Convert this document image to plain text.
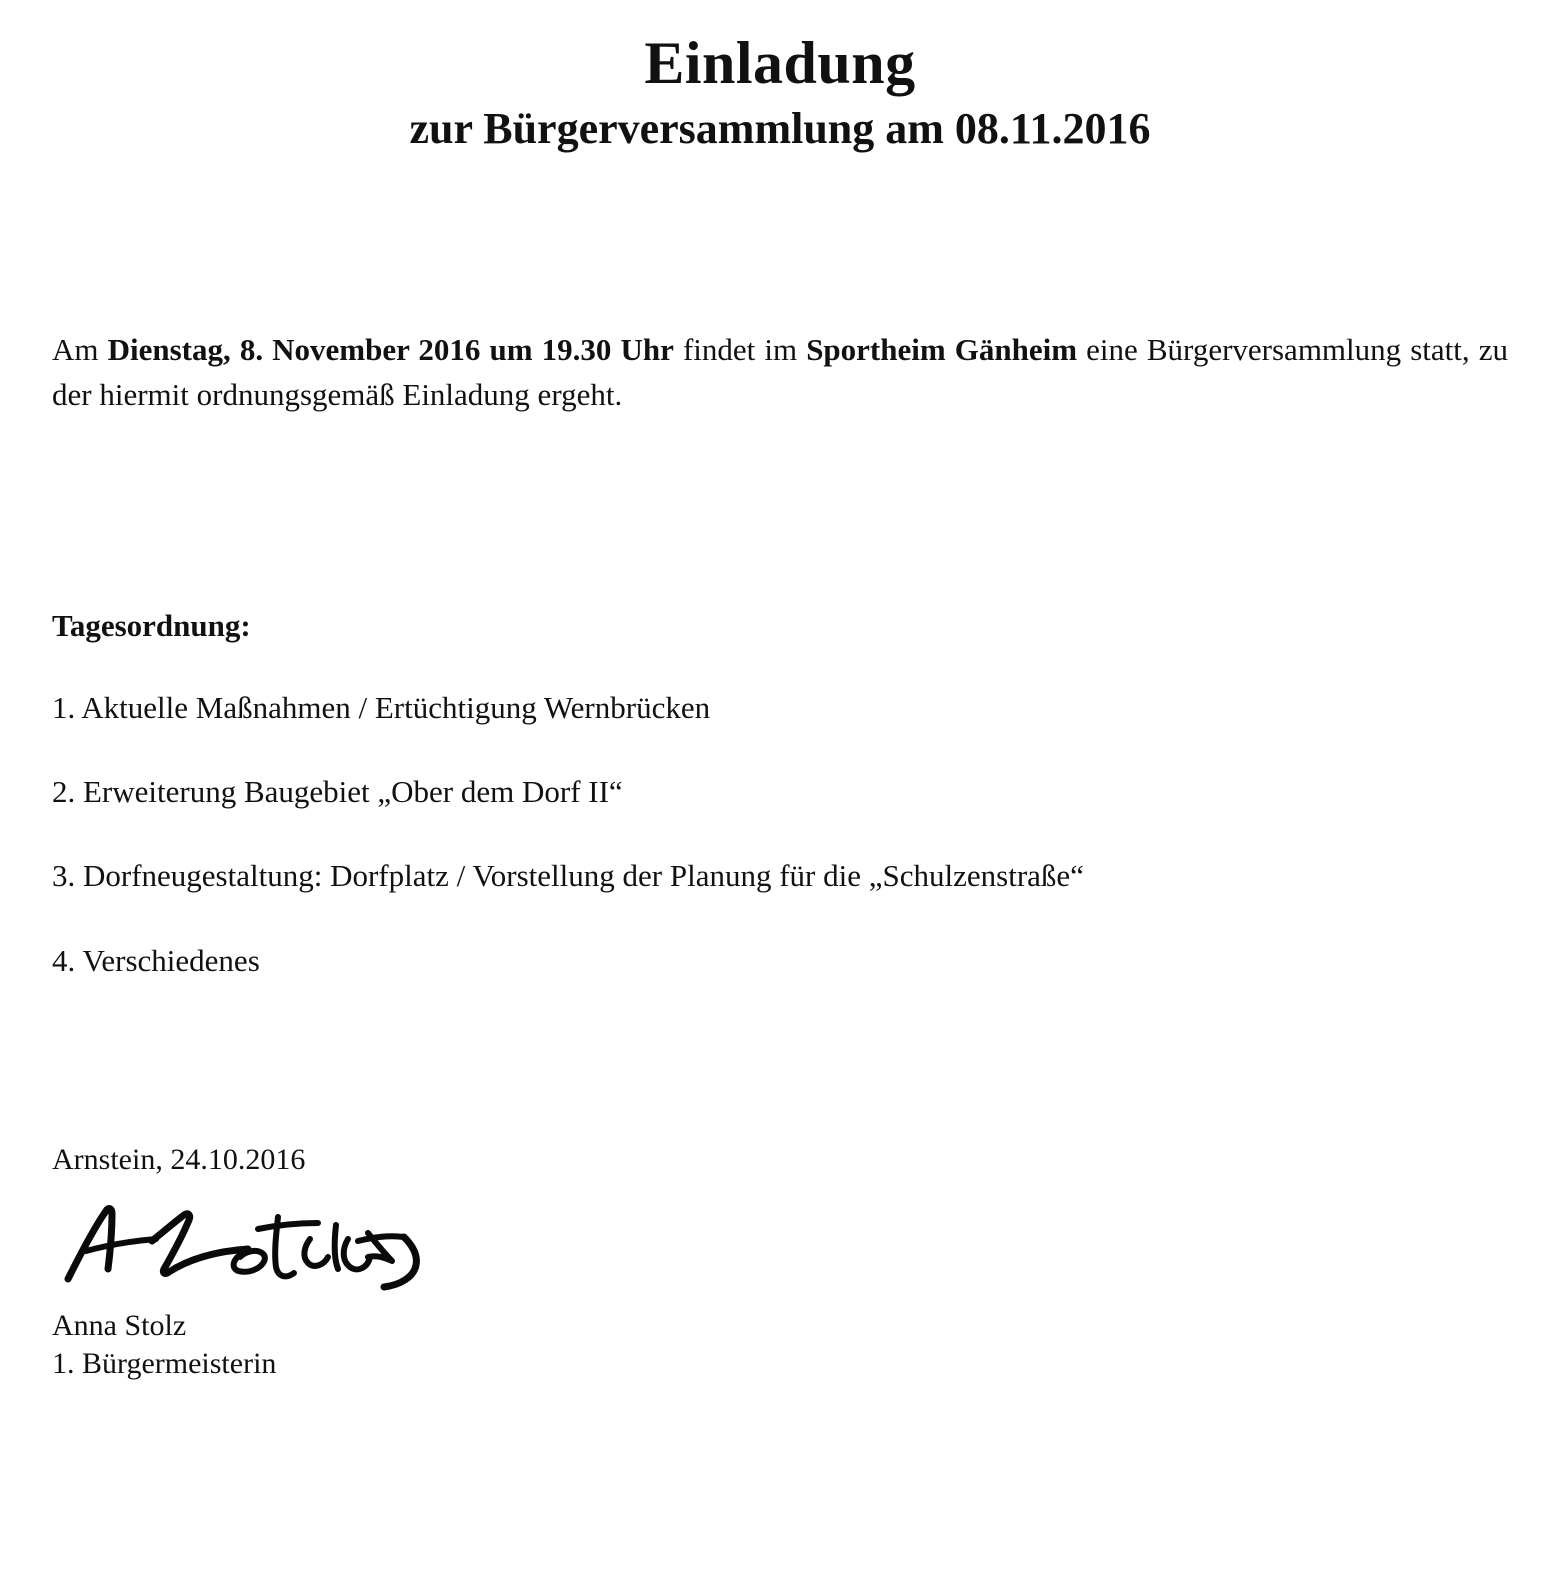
Einladung
zur Bürgerversammlung am 08.11.2016

Am Dienstag, 8. November 2016 um 19.30 Uhr findet im Sportheim Gänheim eine Bürgerversammlung statt, zu der hiermit ordnungsgemäß Einladung ergeht.

Tagesordnung:
1. Aktuelle Maßnahmen / Ertüchtigung Wernbrücken
2. Erweiterung Baugebiet „Ober dem Dorf II“
3. Dorfneugestaltung: Dorfplatz / Vorstellung der Planung für die „Schulzenstraße“
4. Verschiedenes
Arnstein, 24.10.2016
Anna Stolz
1. Bürgermeisterin
